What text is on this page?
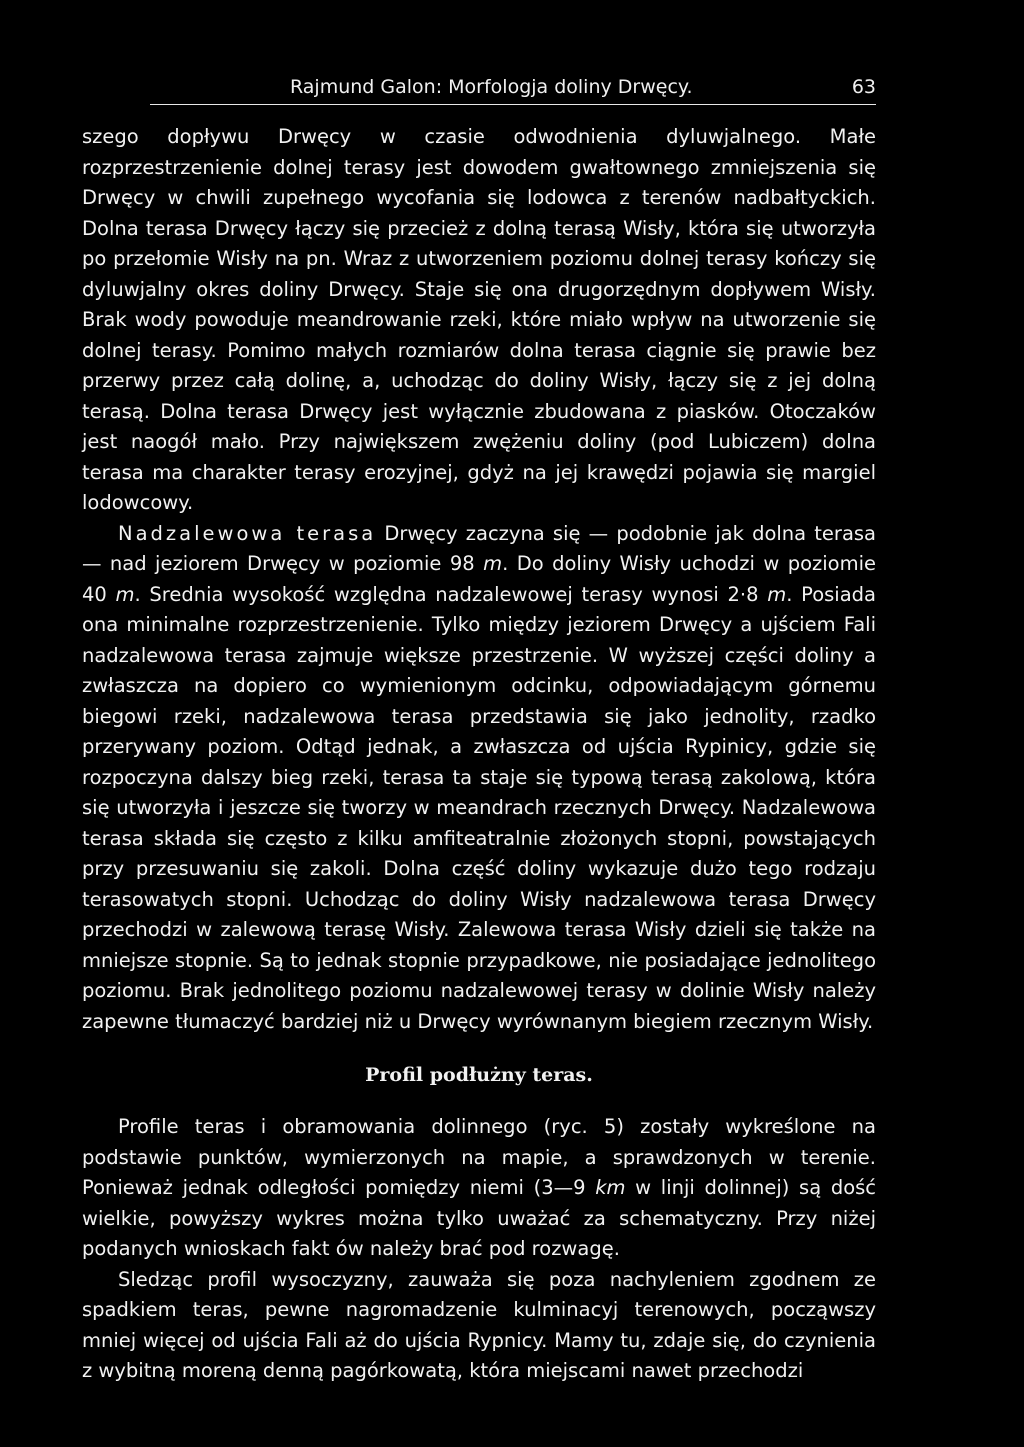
Rajmund Galon: Morfologja doliny Drwęcy.	63

szego dopływu Drwęcy w czasie odwodnienia dyluwjalnego. Małe rozprzestrzenienie dolnej terasy jest dowodem gwałtownego zmniejszenia się Drwęcy w chwili zupełnego wycofania się lodowca z terenów nadbałtyckich. Dolna terasa Drwęcy łączy się przecież z dolną terasą Wisły, która się utworzyła po przełomie Wisły na pn. Wraz z utworzeniem poziomu dolnej terasy kończy się dyluwjalny okres doliny Drwęcy. Staje się ona drugorzędnym dopływem Wisły. Brak wody powoduje meandrowanie rzeki, które miało wpływ na utworzenie się dolnej terasy. Pomimo małych rozmiarów dolna terasa ciągnie się prawie bez przerwy przez całą dolinę, a, uchodząc do doliny Wisły, łączy się z jej dolną terasą. Dolna terasa Drwęcy jest wyłącznie zbudowana z piasków. Otoczaków jest naogół mało. Przy największem zwężeniu doliny (pod Lubiczem) dolna terasa ma charakter terasy erozyjnej, gdyż na jej krawędzi pojawia się margiel lodowcowy.

Nadzalewowa terasa Drwęcy zaczyna się — podobnie jak dolna terasa — nad jeziorem Drwęcy w poziomie 98 m. Do doliny Wisły uchodzi w poziomie 40 m. Srednia wysokość względna nadzalewowej terasy wynosi 2·8 m. Posiada ona minimalne rozprzestrzenienie. Tylko między jeziorem Drwęcy a ujściem Fali nadzalewowa terasa zajmuje większe przestrzenie. W wyższej części doliny a zwłaszcza na dopiero co wymienionym odcinku, odpowiadającym górnemu biegowi rzeki, nadzalewowa terasa przedstawia się jako jednolity, rzadko przerywany poziom. Odtąd jednak, a zwłaszcza od ujścia Rypinicy, gdzie się rozpoczyna dalszy bieg rzeki, terasa ta staje się typową terasą zakolową, która się utworzyła i jeszcze się tworzy w meandrach rzecznych Drwęcy. Nadzalewowa terasa składa się często z kilku amfiteatralnie złożonych stopni, powstających przy przesuwaniu się zakoli. Dolna część doliny wykazuje dużo tego rodzaju terasowatych stopni. Uchodząc do doliny Wisły nadzalewowa terasa Drwęcy przechodzi w zalewową terasę Wisły. Zalewowa terasa Wisły dzieli się także na mniejsze stopnie. Są to jednak stopnie przypadkowe, nie posiadające jednolitego poziomu. Brak jednolitego poziomu nadzalewowej terasy w dolinie Wisły należy zapewne tłumaczyć bardziej niż u Drwęcy wyrównanym biegiem rzecznym Wisły.

Profil podłużny teras.

Profile teras i obramowania dolinnego (ryc. 5) zostały wykreślone na podstawie punktów, wymierzonych na mapie, a sprawdzonych w terenie. Ponieważ jednak odległości pomiędzy niemi (3—9 km w linji dolinnej) są dość wielkie, powyższy wykres można tylko uważać za schematyczny. Przy niżej podanych wnioskach fakt ów należy brać pod rozwagę.

Sledząc profil wysoczyzny, zauważa się poza nachyleniem zgodnem ze spadkiem teras, pewne nagromadzenie kulminacyj terenowych, począwszy mniej więcej od ujścia Fali aż do ujścia Rypnicy. Mamy tu, zdaje się, do czynienia z wybitną moreną denną pagórkowatą, która miejscami nawet przechodzi
